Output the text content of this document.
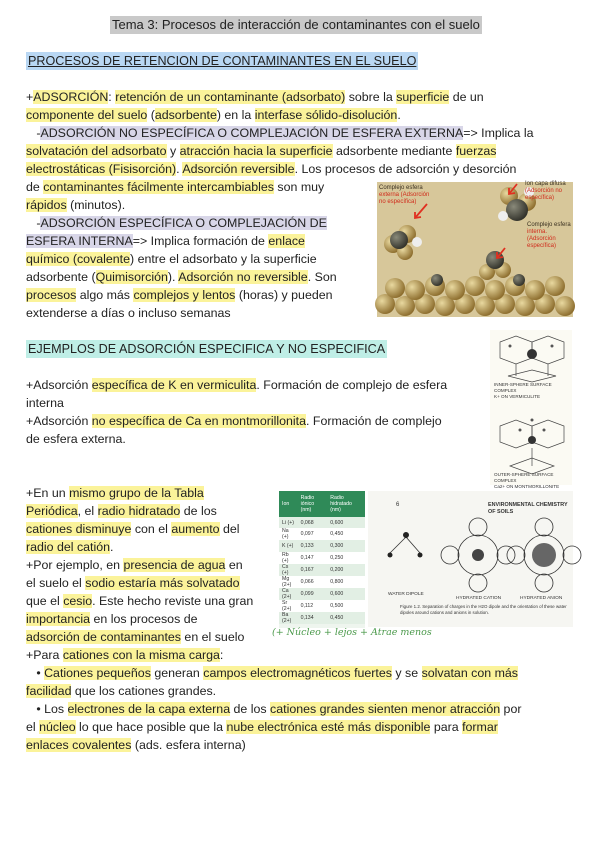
Tema 3: Procesos de interacción de contaminantes con el suelo
PROCESOS DE RETENCION DE CONTAMINANTES EN EL SUELO
+ADSORCIÓN: retención de un contaminante (adsorbato) sobre la superficie de un
componente del suelo (adsorbente) en la interfase sólido-disolución.
-ADSORCIÓN NO ESPECÍFICA O COMPLEJACIÓN DE ESFERA EXTERNA=> Implica la
solvatación del adsorbato y atracción hacia la superficie adsorbente mediante fuerzas
electrostáticas (Fisisorción). Adsorción reversible. Los procesos de adsorción y desorción
de contaminantes fácilmente intercambiables son muy
rápidos (minutos).
-ADSORCIÓN ESPECÍFICA O COMPLEJACIÓN DE
ESFERA INTERNA=> Implica formación de enlace
químico (covalente) entre el adsorbato y la superficie
adsorbente (Quimisorción). Adsorción no reversible. Son
procesos algo más complejos y lentos (horas) y pueden
extenderse a días o incluso semanas
Complejo esfera
externa (Adsorción
no específica)
Ion capa difusa
(Adsorción no
específica)
Complejo esfera
interna. (Adsorción
específica)
EJEMPLOS DE ADSORCIÓN ESPECIFICA Y NO ESPECIFICA
+Adsorción específica de K en vermiculita. Formación de complejo de esfera
interna
+Adsorción no específica de Ca en montmorillonita. Formación de complejo
de esfera externa.
INNER-SPHERE SURFACE COMPLEX
K+ ON VERMICULITE
OUTER-SPHERE SURFACE COMPLEX
Ca2+ ON MONTMORILLONITE
+En un mismo grupo de la Tabla
Periódica, el radio hidratado de los
cationes disminuye con el aumento del
radio del catión.
+Por ejemplo, en presencia de agua en
el suelo el sodio estaría más solvatado
que el cesio. Este hecho reviste una gran
importancia en los procesos de
adsorción de contaminantes en el suelo
+Para cationes con la misma carga:
• Cationes pequeños generan campos electromagnéticos fuertes y se solvatan con más
facilidad que los cationes grandes.
• Los electrones de la capa externa de los cationes grandes sienten menor atracción por
el núcleo lo que hace posible que la nube electrónica esté más disponible para formar
enlaces covalentes (ads. esfera interna)
Ion	Radio iónico (nm)	Radio hidratado (nm)
Li (+)	0,068	0,600
Na (+)	0,097	0,450
K (+)	0,133	0,300
Rb (+)	0,147	0,250
Cs (+)	0,167	0,200
Mg (2+)	0,066	0,800
Ca (2+)	0,099	0,600
Sr (2+)	0,112	0,500
Ba (2+)	0,134	0,450
6	ENVIRONMENTAL CHEMISTRY OF SOILS
WATER DIPOLE
HYDRATED CATION	HYDRATED ANION
Figure 1.2. Separation of charges in the H2O dipole and the orientation of these water dipoles around cations and anions in solution.
(+ Núcleo + lejos + Atrae menos
